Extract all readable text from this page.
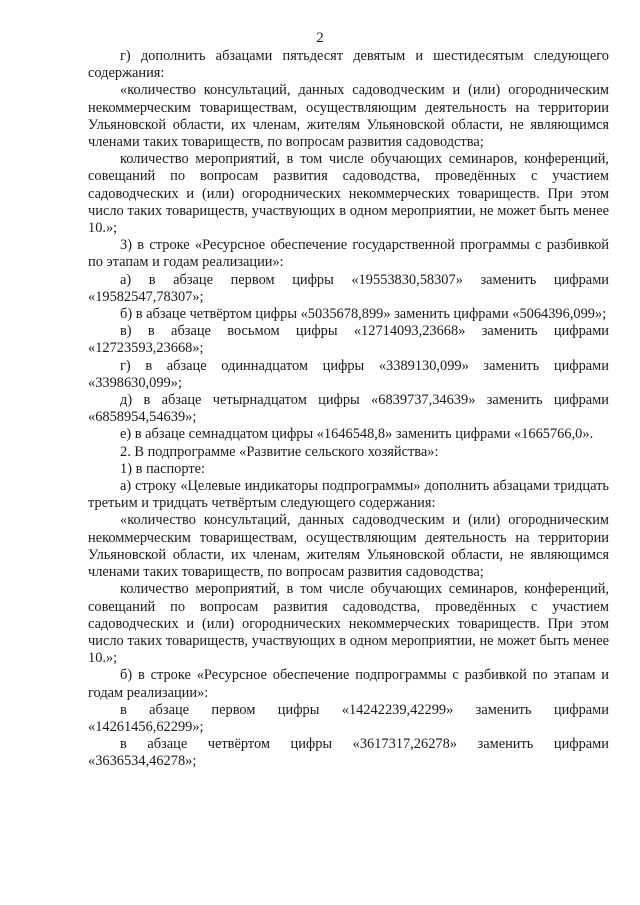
2

г) дополнить абзацами пятьдесят девятым и шестидесятым следующего содержания:

«количество консультаций, данных садоводческим и (или) огородническим некоммерческим товариществам, осуществляющим деятельность на территории Ульяновской области, их членам, жителям Ульяновской области, не являющимся членами таких товариществ, по вопросам развития садоводства;

количество мероприятий, в том числе обучающих семинаров, конференций, совещаний по вопросам развития садоводства, проведённых с участием садоводческих и (или) огороднических некоммерческих товариществ. При этом число таких товариществ, участвующих в одном мероприятии, не может быть менее 10.»;

3) в строке «Ресурсное обеспечение государственной программы с разбивкой по этапам и годам реализации»:

а) в абзаце первом цифры «19553830,58307» заменить цифрами «19582547,78307»;

б) в абзаце четвёртом цифры «5035678,899» заменить цифрами «5064396,099»;

в) в абзаце восьмом цифры «12714093,23668» заменить цифрами «12723593,23668»;

г) в абзаце одиннадцатом цифры «3389130,099» заменить цифрами «3398630,099»;

д) в абзаце четырнадцатом цифры «6839737,34639» заменить цифрами «6858954,54639»;

е) в абзаце семнадцатом цифры «1646548,8» заменить цифрами «1665766,0».

2. В подпрограмме «Развитие сельского хозяйства»:

1) в паспорте:

а) строку «Целевые индикаторы подпрограммы» дополнить абзацами тридцать третьим и тридцать четвёртым следующего содержания:

«количество консультаций, данных садоводческим и (или) огородническим некоммерческим товариществам, осуществляющим деятельность на территории Ульяновской области, их членам, жителям Ульяновской области, не являющимся членами таких товариществ, по вопросам развития садоводства;

количество мероприятий, в том числе обучающих семинаров, конференций, совещаний по вопросам развития садоводства, проведённых с участием садоводческих и (или) огороднических некоммерческих товариществ. При этом число таких товариществ, участвующих в одном мероприятии, не может быть менее 10.»;

б) в строке «Ресурсное обеспечение подпрограммы с разбивкой по этапам и годам реализации»:

в абзаце первом цифры «14242239,42299» заменить цифрами «14261456,62299»;

в абзаце четвёртом цифры «3617317,26278» заменить цифрами «3636534,46278»;
